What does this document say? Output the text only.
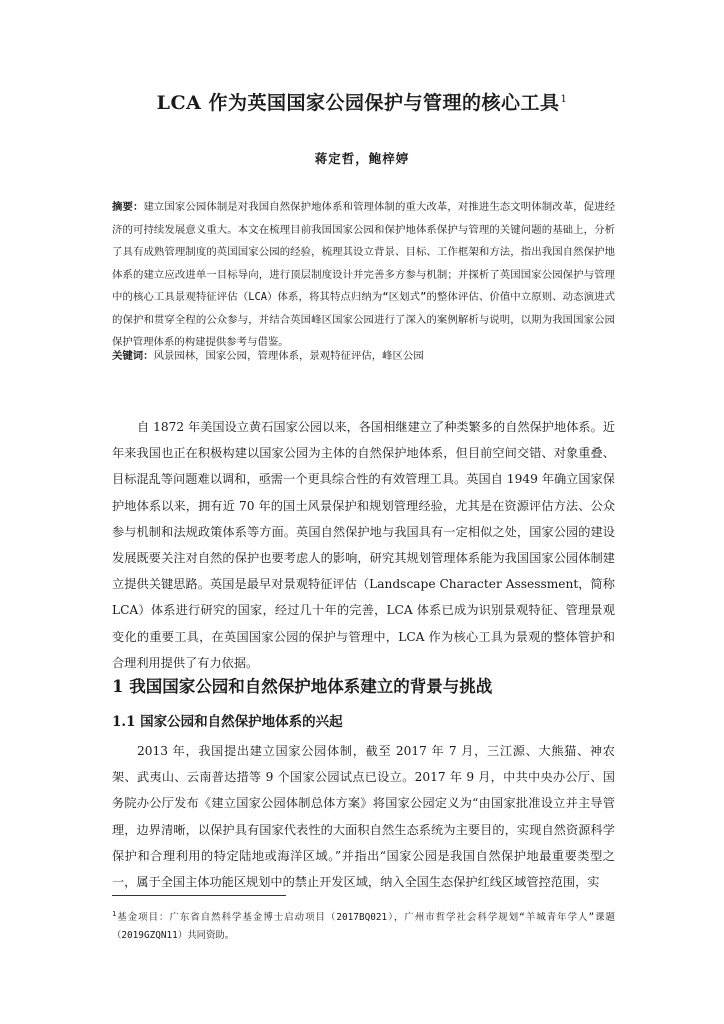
LCA 作为英国国家公园保护与管理的核心工具$^1$
蒋定哲，鲍梓婷
摘要：建立国家公园体制是对我国自然保护地体系和管理体制的重大改革，对推进生态文明体制改革，促进经济的可持续发展意义重大。本文在梳理目前我国国家公园和保护地体系保护与管理的关键问题的基础上，分析了具有成熟管理制度的英国国家公园的经验，梳理其设立背景、目标、工作框架和方法，指出我国自然保护地体系的建立应改进单一目标导向，进行顶层制度设计并完善多方参与机制；并探析了英国国家公园保护与管理中的核心工具景观特征评估（LCA）体系，将其特点归纳为“区划式”的整体评估、价值中立原则、动态演进式的保护和贯穿全程的公众参与，并结合英国峰区国家公园进行了深入的案例解析与说明，以期为我国国家公园保护管理体系的构建提供参考与借鉴。
关键词：风景园林，国家公园，管理体系，景观特征评估，峰区公园
自 1872 年美国设立黄石国家公园以来，各国相继建立了种类繁多的自然保护地体系。近年来我国也正在积极构建以国家公园为主体的自然保护地体系，但目前空间交错、对象重叠、目标混乱等问题难以调和，亟需一个更具综合性的有效管理工具。英国自 1949 年确立国家保护地体系以来，拥有近 70 年的国土风景保护和规划管理经验，尤其是在资源评估方法、公众参与机制和法规政策体系等方面。英国自然保护地与我国具有一定相似之处，国家公园的建设发展既要关注对自然的保护也要考虑人的影响，研究其规划管理体系能为我国国家公园体制建立提供关键思路。英国是最早对景观特征评估（Landscape Character Assessment，简称 LCA）体系进行研究的国家，经过几十年的完善，LCA 体系已成为识别景观特征、管理景观变化的重要工具，在英国国家公园的保护与管理中，LCA 作为核心工具为景观的整体管护和合理利用提供了有力依据。
1 我国国家公园和自然保护地体系建立的背景与挑战
1.1 国家公园和自然保护地体系的兴起
2013 年，我国提出建立国家公园体制，截至 2017 年 7 月，三江源、大熊猫、神农架、武夷山、云南普达措等 9 个国家公园试点已设立。2017 年 9 月，中共中央办公厅、国务院办公厅发布《建立国家公园体制总体方案》将国家公园定义为“由国家批准设立并主导管理，边界清晰，以保护具有国家代表性的大面积自然生态系统为主要目的，实现自然资源科学保护和合理利用的特定陆地或海洋区域。”并指出“国家公园是我国自然保护地最重要类型之一，属于全国主体功能区规划中的禁止开发区域，纳入全国生态保护红线区域管控范围，实
$^1$基金项目：广东省自然科学基金博士启动项目（2017BQ021），广州市哲学社会科学规划“羊城青年学人”课题（2019GZQN11）共同资助。
